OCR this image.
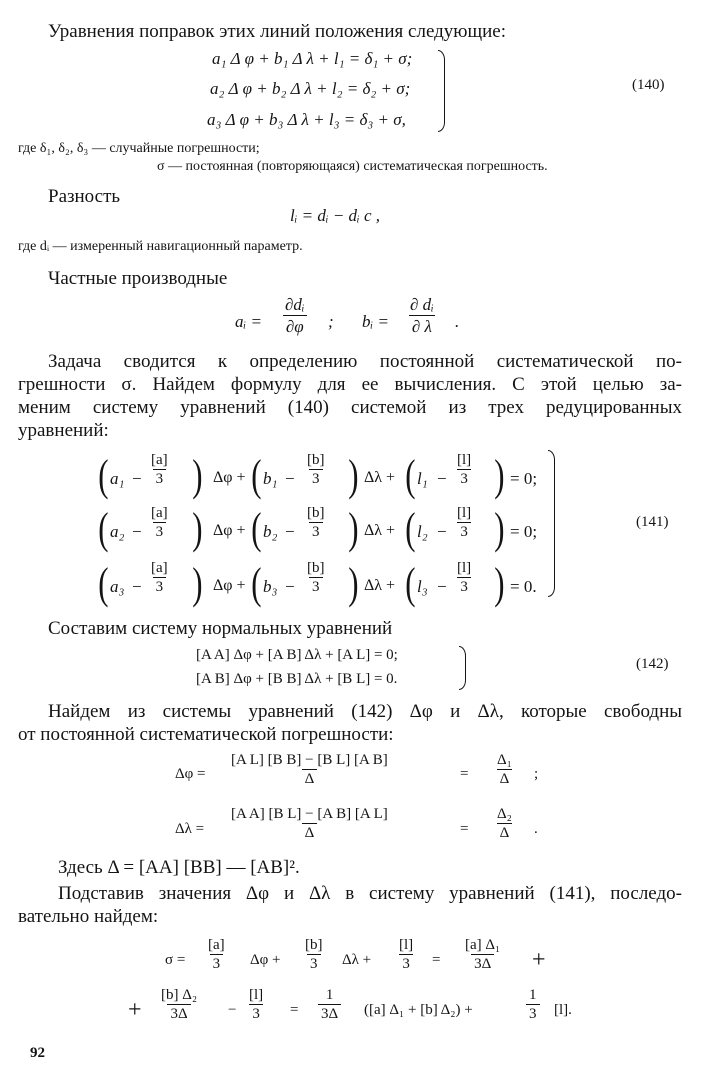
Уравнения поправок этих линий положения следующие:
a₁ Δ φ + b₁ Δ λ + l₁ = δ₁ + σ;
a₂ Δ φ + b₂ Δ λ + l₂ = δ₂ + σ;
a₃ Δ φ + b₃ Δ λ + l₃ = δ₃ + σ,
(140)
где δ₁, δ₂, δ₃ — случайные погрешности;
σ — постоянная (повторяющаяся) систематическая погрешность.
Разность
lᵢ = dᵢ − dᵢ c ,
где dᵢ — измеренный навигационный параметр.
Частные производные
aᵢ = $\frac{\text{∂dᵢ}}{\partial\varphi}$ ; bᵢ = $\frac{\text{∂ dᵢ}}{\partial \lambda}$ .
Задача сводится к определению постоянной систематической по-
грешности σ. Найдем формулу для ее вычисления. С этой целью за-
меним систему уравнений (140) системой из трех редуцированных
уравнений:
( $a_1 - \frac{[a]}{3}$ ) Δφ + ( $b_1 - \frac{[b]}{3}$ ) Δλ + ( $l_1 - \frac{[l]}{3}$ ) = 0;
( $a_2 - \frac{[a]}{3}$ ) Δφ + ( $b_2 - \frac{[b]}{3}$ ) Δλ + ( $l_2 - \frac{[l]}{3}$ ) = 0;
( $a_3 - \frac{[a]}{3}$ ) Δφ + ( $b_3 - \frac{[b]}{3}$ ) Δλ + ( $l_3 - \frac{[l]}{3}$ ) = 0.
(141)
Составим систему нормальных уравнений
[A A] Δφ + [A B] Δλ + [A L] = 0;
[A B] Δφ + [B B] Δλ + [B L] = 0.
(142)
Найдем из системы уравнений (142) Δφ и Δλ, которые свободны
от постоянной систематической погрешности:
$\Delta\varphi = \frac{\text{[A L] [B B] − [B L] [A B]}}{\Delta}$	= $\frac{\text{Δ₁}}{\Delta}$ ;
$\Delta\lambda = \frac{\text{[A A] [B L] − [A B] [A L]}}{\Delta}$	= $\frac{\text{Δ₂}}{\Delta}$ .
Здесь Δ = [AA] [BB] — [AB]².
Подставив значения Δφ и Δλ в систему уравнений (141), последо-
вательно найдем:
$\sigma = \frac{[a]}{3}$ $\Delta\varphi + \frac{[b]}{3}$ $\Delta\lambda + \frac{[l]}{3} = \frac{\text{[a] Δ₁}}{3\Delta}$ +
+ $\frac{\text{[b] Δ₂}}{3\Delta} - \frac{[l]}{3} = \frac{1}{3\Delta} ([a] \Delta_1 + [b] \Delta_2)$ +	$\frac{1}{3} [l]$.
92
